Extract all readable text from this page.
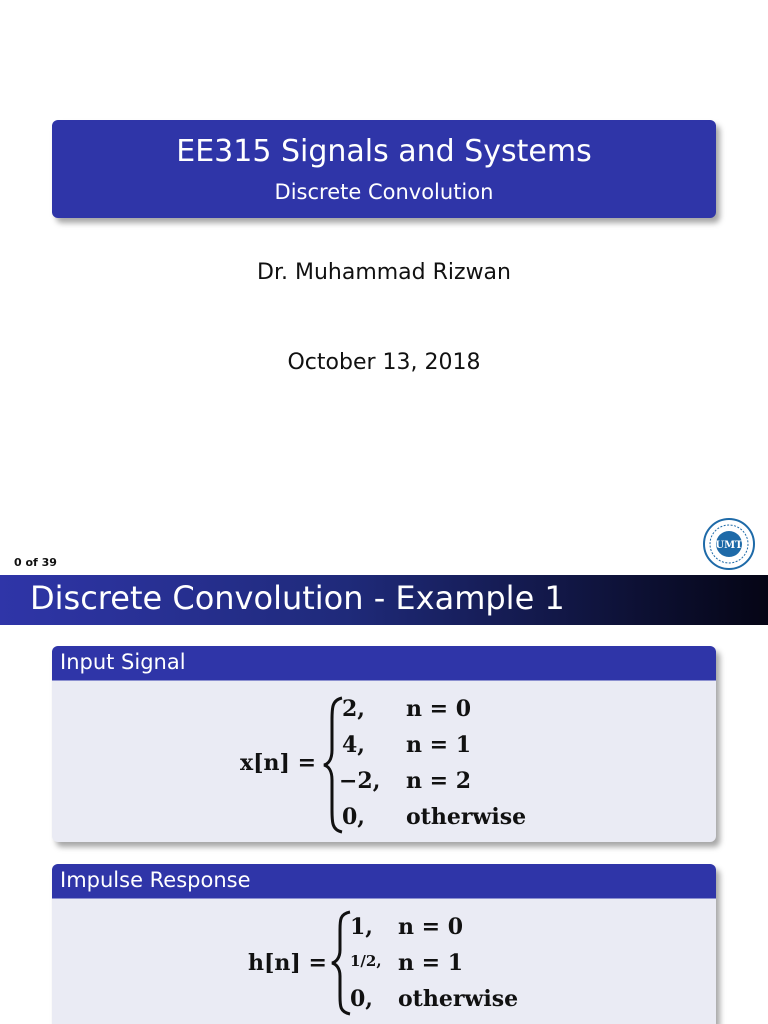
EE315 Signals and Systems
Discrete Convolution
Dr. Muhammad Rizwan
October 13, 2018
0 of 39
UMT
Discrete Convolution - Example 1
Input Signal
x[n] =
2, n = 0
4, n = 1
−2, n = 2
0, otherwise
Impulse Response
h[n] =
1, n = 0
1/2, n = 1
0, otherwise
